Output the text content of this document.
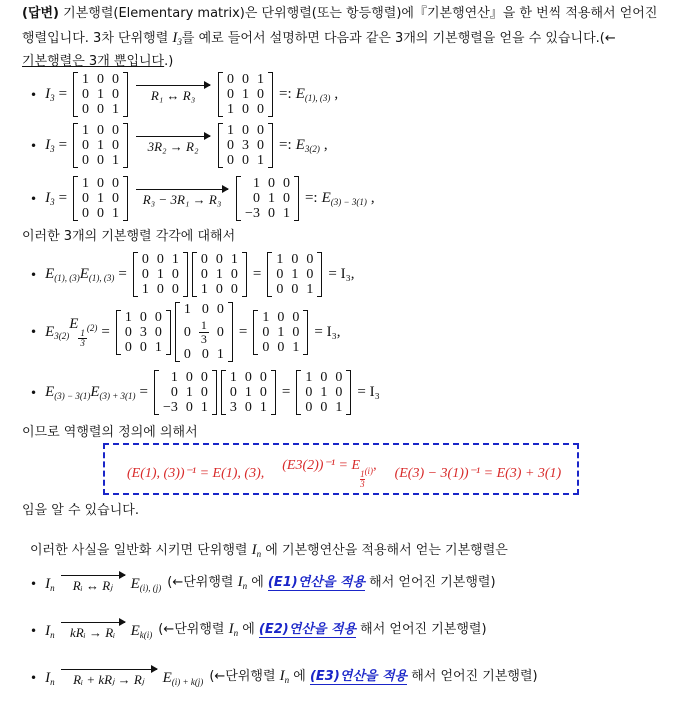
(답변) 기본행렬(Elementary matrix)은 단위행렬(또는 항등행렬)에『기본행연산』을 한 번씩 적용해서 얻어진
행렬입니다. 3차 단위행렬 $I_3$를 예로 들어서 설명하면 다음과 같은 3개의 기본행렬을 얻을 수 있습니다.(←
기본행렬은 3개 뿐입니다.)
• $I_3$ =
1	0	0
0	1	0
0	0	1
R₁ ↔ R₃
0	0	1
0	1	0
1	0	0
=: $E_{(1), (3)}$ ,
• $I_3$ =
1	0	0
0	1	0
0	0	1
3R₂ → R₂
1	0	0
0	3	0
0	0	1
=: $E_{3(2)}$ ,
• $I_3$ =
1	0	0
0	1	0
0	0	1
R₃ − 3R₁ → R₃
1	0	0
0	1	0
−3	0	1
=: $E_{(3) - 3(1)}$ ,
이러한 3개의 기본행렬 각각에 대해서
• $E_{(1), (3)}$ $E_{(1), (3)}$ =
0	0	1
0	1	0
1	0	0
0	0	1
0	1	0
1	0	0
=
1	0	0
0	1	0
0	0	1
= I₃,
• $E_{3(2)}$
E
$\frac{1}{3}$
$_{(2)}$ =
1	0	0
0	3	0
0	0	1
1	0	0
0	$\frac{1}{3}$	0
0	0	1
=
1	0	0
0	1	0
0	0	1
= I₃,
• $E_{(3) - 3(1)}$ $E_{(3) + 3(1)}$ =
1	0	0
0	1	0
−3	0	1
1	0	0
0	1	0
3	0	1
=
1	0	0
0	1	0
0	0	1
= I₃
이므로 역행렬의 정의에 의해서
(E(1), (3))⁻¹ = E(1), (3), (E3(2))⁻¹ = E
$\frac{1}{3} _{(i)}$, (E(3) − 3(1))⁻¹ = E(3) + 3(1)
임을 알 수 있습니다.
이러한 사실을 일반화 시키면 단위행렬 $I_n$ 에 기본행연산을 적용해서 얻는 기본행렬은
• $I_n$ Rᵢ ↔ Rⱼ $E_{(i), (j)}$ (←단위행렬 $I_n$ 에 (E1)연산을 적용 해서 얻어진 기본행렬)
• $I_n$ kRᵢ → Rᵢ $E_{k(i)}$ (←단위행렬 $I_n$ 에 (E2)연산을 적용 해서 얻어진 기본행렬)
• $I_n$ Rᵢ + kRⱼ → Rⱼ $E_{(i) + k(j)}$ (←단위행렬 $I_n$ 에 (E3)연산을 적용 해서 얻어진 기본행렬)
